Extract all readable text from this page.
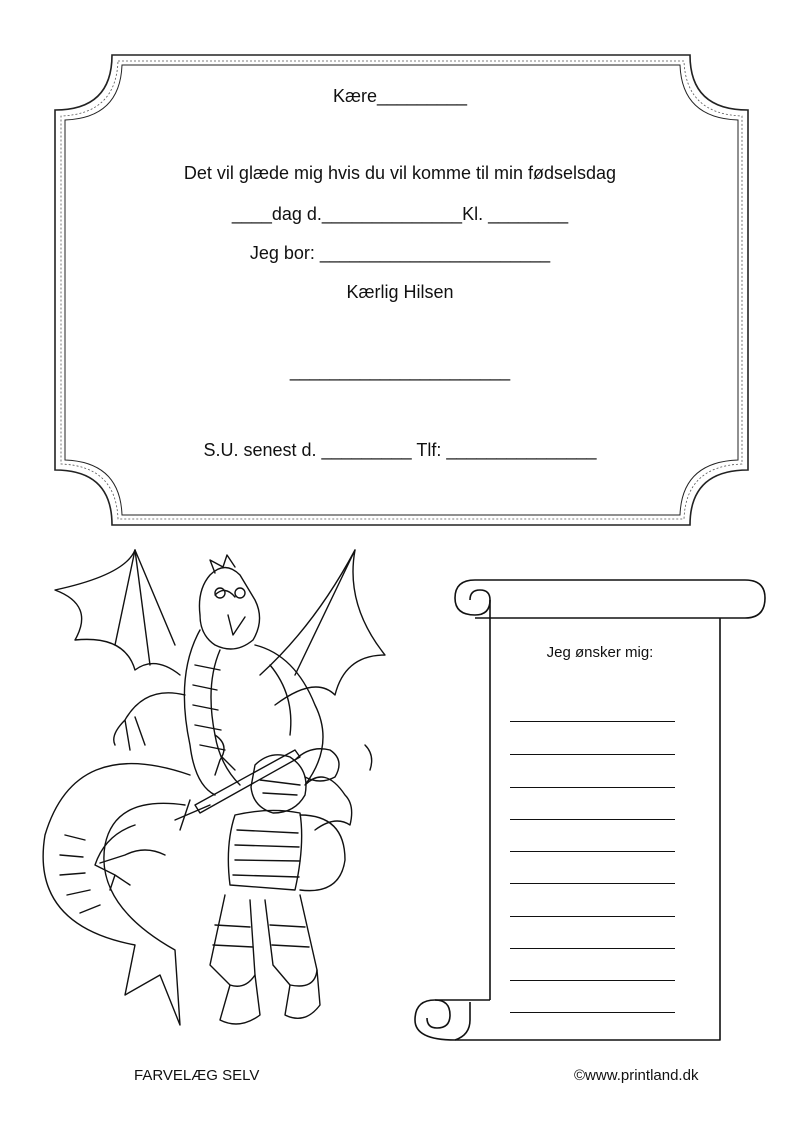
Kære_________
Det vil glæde mig hvis du vil komme til min fødselsdag
____dag d.______________Kl. ________
Jeg bor: _______________________
Kærlig Hilsen
______________________
S.U. senest d. _________ Tlf: _______________
Jeg ønsker mig:
FARVELÆG SELV	©www.printland.dk
